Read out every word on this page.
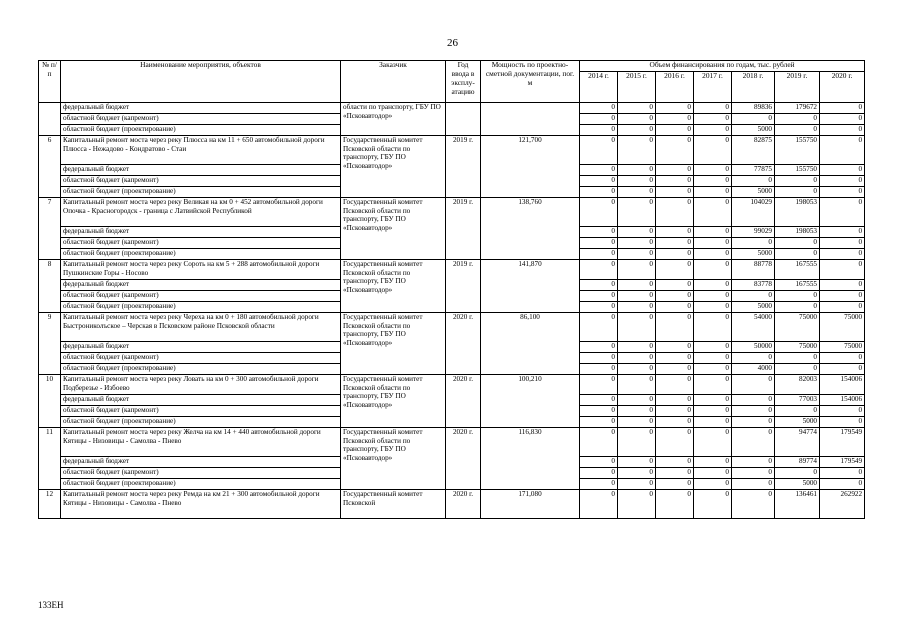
26
№ п/п	Наименование мероприятия, объектов	Заказчик	Год ввода в эксплу-атацию	Мощность по проектно-сметной документации, пог. м	Объем финансирования по годам, тыс. рублей						
					2014 г.	2015 г.	2016 г.	2017 г.	2018 г.	2019 г.	2020 г.
	федеральный бюджет	области по транспорту, ГБУ ПО «Псковавтодор»			0	0	0	0	89836	179672	0
	областной бюджет (капремонт)				0	0	0	0	0	0	0
	областной бюджет (проектирование)				0	0	0	0	5000	0	0
6	Капитальный ремонт моста через реку Плюсса на км 11 + 650 автомобильной дороги Плюсса - Нежадово - Кондратово - Стаи	Государственный комитет Псковской области по транспорту, ГБУ ПО «Псковавтодор»	2019 г.	121,700	0	0	0	0	82875	155750	0
	федеральный бюджет				0	0	0	0	77875	155750	0
	областной бюджет (капремонт)				0	0	0	0	0	0	0
	областной бюджет (проектирование)				0	0	0	0	5000	0	0
7	Капитальный ремонт моста через реку Великая на км 0 + 452 автомобильной дороги Опочка - Красногородск - граница с Латвийской Республикой	Государственный комитет Псковской области по транспорту, ГБУ ПО «Псковавтодор»	2019 г.	138,760	0	0	0	0	104029	198053	0
	федеральный бюджет				0	0	0	0	99029	198053	0
	областной бюджет (капремонт)				0	0	0	0	0	0	0
	областной бюджет (проектирование)				0	0	0	0	5000	0	0
8	Капитальный ремонт моста через реку Сороть на км 5 + 288 автомобильной дороги Пушкинские Горы - Носово	Государственный комитет Псковской области по транспорту, ГБУ ПО «Псковавтодор»	2019 г.	141,870	0	0	0	0	88778	167555	0
	федеральный бюджет				0	0	0	0	83778	167555	0
	областной бюджет (капремонт)				0	0	0	0	0	0	0
	областной бюджет (проектирование)				0	0	0	0	5000	0	0
9	Капитальный ремонт моста через реку Череха на км 0 + 180 автомобильной дороги Быстрониколъское – Черская в Псковском районе Псковской области	Государственный комитет Псковской области по транспорту, ГБУ ПО «Псковавтодор»	2020 г.	86,100	0	0	0	0	54000	75000	75000
	федеральный бюджет				0	0	0	0	50000	75000	75000
	областной бюджет (капремонт)				0	0	0	0	0	0	0
	областной бюджет (проектирование)				0	0	0	0	4000	0	0
10	Капитальный ремонт моста через реку Ловать на км 0 + 300 автомобильной дороги Подберезье - Избоево	Государственный комитет Псковской области по транспорту, ГБУ ПО «Псковавтодор»	2020 г.	100,210	0	0	0	0	0	82003	154006
	федеральный бюджет				0	0	0	0	0	77003	154006
	областной бюджет (капремонт)				0	0	0	0	0	0	0
	областной бюджет (проектирование)				0	0	0	0	0	5000	0
11	Капитальный ремонт моста через реку Желча на км 14 + 440 автомобильной дороги Кятицы - Низовицы - Самолва - Пнево	Государственный комитет Псковской области по транспорту, ГБУ ПО «Псковавтодор»	2020 г.	116,830	0	0	0	0	0	94774	179549
	федеральный бюджет				0	0	0	0	0	89774	179549
	областной бюджет (капремонт)				0	0	0	0	0	0	0
	областной бюджет (проектирование)				0	0	0	0	0	5000	0
12	Капитальный ремонт моста через реку Ремда на км 21 + 300 автомобильной дороги Кятицы - Низовицы - Самолва - Пнево	Государственный комитет Псковской	2020 г.	171,080	0	0	0	0	0	136461	262922
133ЕН
